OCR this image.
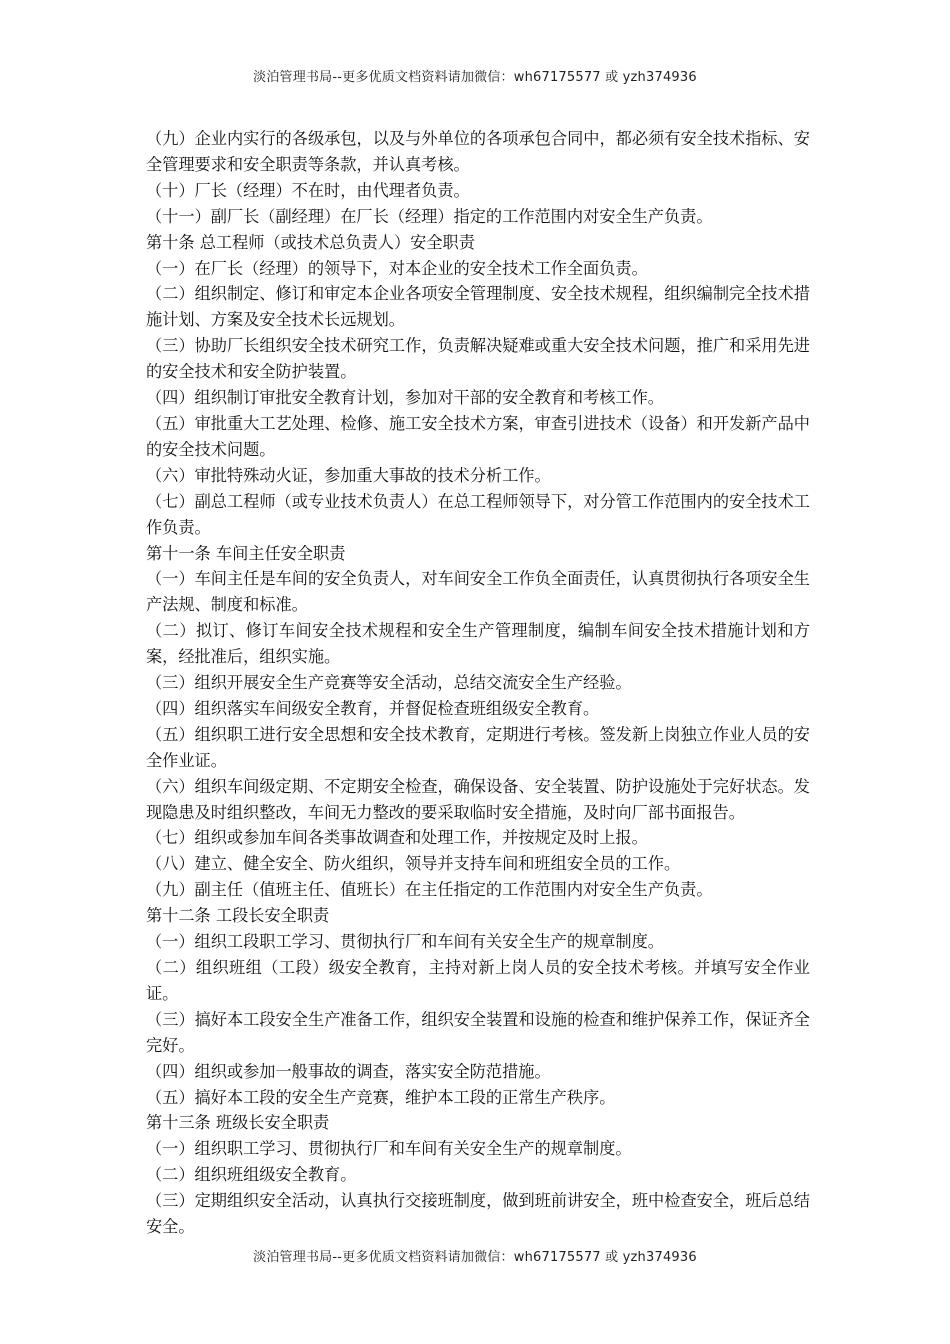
淡泊管理书局--更多优质文档资料请加微信：wh67175577 或 yzh374936

（九）企业内实行的各级承包，以及与外单位的各项承包合同中，都必须有安全技术指标、安全管理要求和安全职责等条款，并认真考核。

（十）厂长（经理）不在时，由代理者负责。

（十一）副厂长（副经理）在厂长（经理）指定的工作范围内对安全生产负责。

第十条 总工程师（或技术总负责人）安全职责

（一）在厂长（经理）的领导下，对本企业的安全技术工作全面负责。

（二）组织制定、修订和审定本企业各项安全管理制度、安全技术规程，组织编制完全技术措施计划、方案及安全技术长远规划。

（三）协助厂长组织安全技术研究工作，负责解决疑难或重大安全技术问题，推广和采用先进的安全技术和安全防护装置。

（四）组织制订审批安全教育计划，参加对干部的安全教育和考核工作。

（五）审批重大工艺处理、检修、施工安全技术方案，审查引进技术（设备）和开发新产品中的安全技术问题。

（六）审批特殊动火证，参加重大事故的技术分析工作。

（七）副总工程师（或专业技术负责人）在总工程师领导下，对分管工作范围内的安全技术工作负责。

第十一条 车间主任安全职责

（一）车间主任是车间的安全负责人，对车间安全工作负全面责任，认真贯彻执行各项安全生产法规、制度和标准。

（二）拟订、修订车间安全技术规程和安全生产管理制度，编制车间安全技术措施计划和方案，经批准后，组织实施。

（三）组织开展安全生产竞赛等安全活动，总结交流安全生产经验。

（四）组织落实车间级安全教育，并督促检查班组级安全教育。

（五）组织职工进行安全思想和安全技术教育，定期进行考核。签发新上岗独立作业人员的安全作业证。

（六）组织车间级定期、不定期安全检查，确保设备、安全装置、防护设施处于完好状态。发现隐患及时组织整改，车间无力整改的要采取临时安全措施，及时向厂部书面报告。

（七）组织或参加车间各类事故调查和处理工作，并按规定及时上报。

（八）建立、健全安全、防火组织，领导并支持车间和班组安全员的工作。

（九）副主任（值班主任、值班长）在主任指定的工作范围内对安全生产负责。

第十二条 工段长安全职责

（一）组织工段职工学习、贯彻执行厂和车间有关安全生产的规章制度。

（二）组织班组（工段）级安全教育，主持对新上岗人员的安全技术考核。并填写安全作业证。

（三）搞好本工段安全生产准备工作，组织安全装置和设施的检查和维护保养工作，保证齐全完好。

（四）组织或参加一般事故的调查，落实安全防范措施。

（五）搞好本工段的安全生产竞赛，维护本工段的正常生产秩序。

第十三条 班级长安全职责

（一）组织职工学习、贯彻执行厂和车间有关安全生产的规章制度。

（二）组织班组级安全教育。

（三）定期组织安全活动，认真执行交接班制度，做到班前讲安全，班中检查安全，班后总结安全。

淡泊管理书局--更多优质文档资料请加微信：wh67175577 或 yzh374936
